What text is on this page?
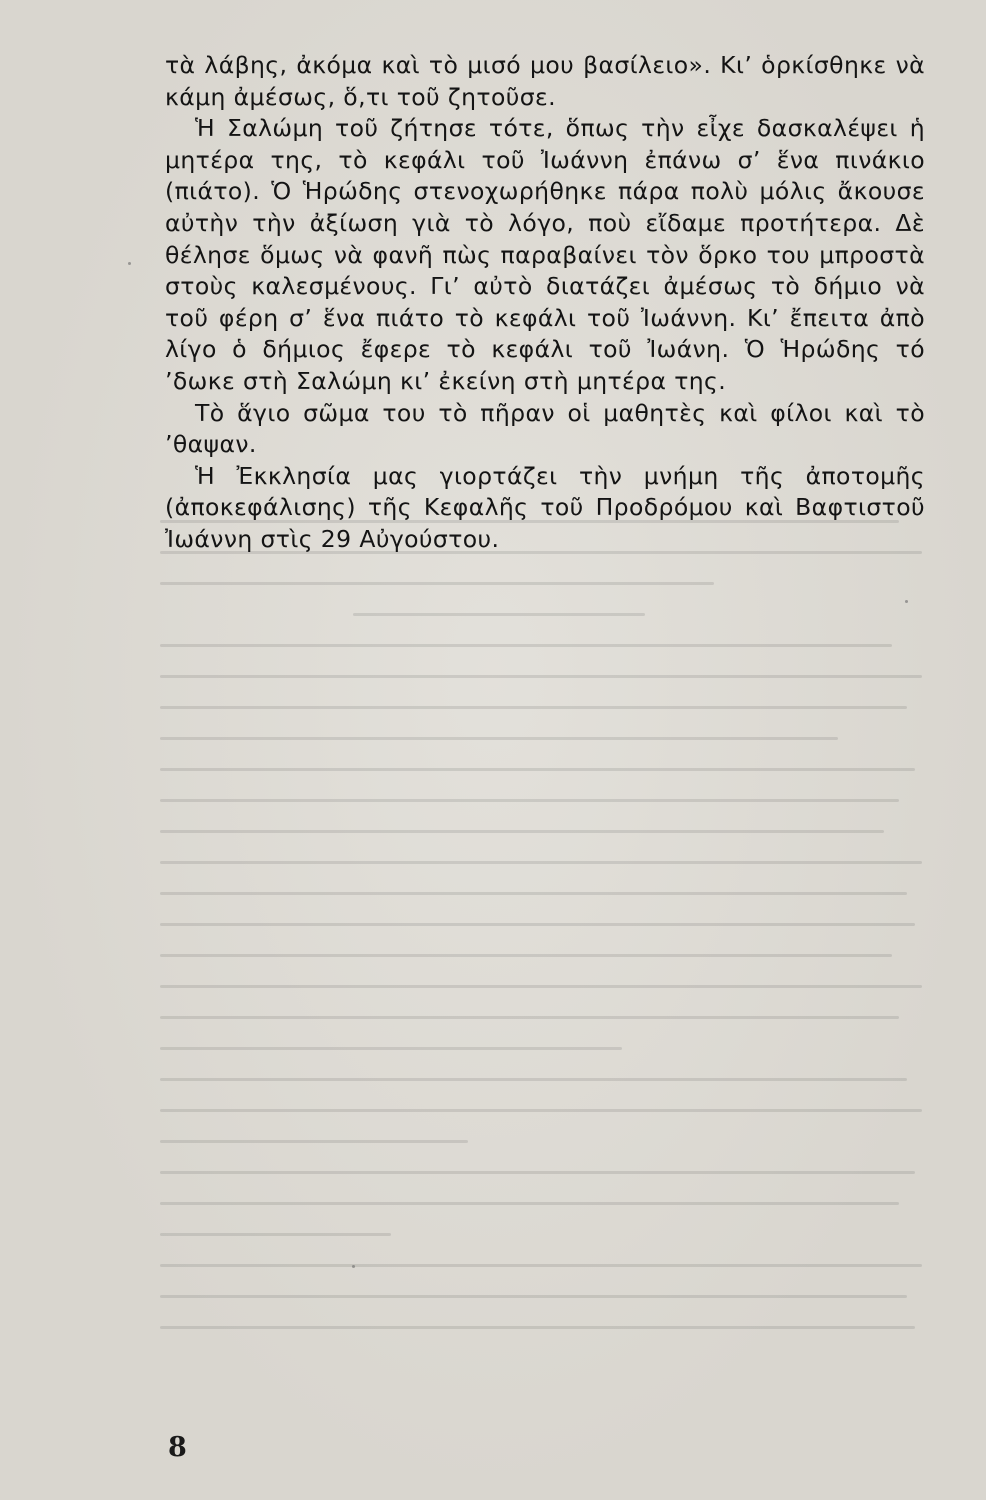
τὰ λάβης, ἀκόμα καὶ τὸ μισό μου βασίλειο». Κι’ ὁρκίσθηκε νὰ κάμη ἀμέσως, ὅ,τι τοῦ ζητοῦσε.

Ἡ Σαλώμη τοῦ ζήτησε τότε, ὅπως τὴν εἶχε δασκαλέψει ἡ μητέρα της, τὸ κεφάλι τοῦ Ἰωάννη ἐπάνω σ’ ἕνα πινάκιο (πιάτο). Ὁ Ἡρώδης στενοχωρήθηκε πάρα πολὺ μόλις ἄκουσε αὐτὴν τὴν ἀξίωση γιὰ τὸ λόγο, ποὺ εἴδαμε προτήτερα. Δὲ θέλησε ὅμως νὰ φανῆ πὼς παραβαίνει τὸν ὅρκο του μπροστὰ στοὺς καλεσμένους. Γι’ αὐτὸ διατάζει ἀμέσως τὸ δήμιο νὰ τοῦ φέρη σ’ ἕνα πιάτο τὸ κεφάλι τοῦ Ἰωάννη. Κι’ ἔπειτα ἀπὸ λίγο ὁ δήμιος ἔφερε τὸ κεφάλι τοῦ Ἰωάνη. Ὁ Ἡρώδης τό ’δωκε στὴ Σαλώμη κι’ ἐκείνη στὴ μητέρα της.

Τὸ ἅγιο σῶμα του τὸ πῆραν οἱ μαθητὲς καὶ φίλοι καὶ τὸ ’θαψαν.

Ἡ Ἐκκλησία μας γιορτάζει τὴν μνήμη τῆς ἀποτομῆς (ἀποκεφάλισης) τῆς Κεφαλῆς τοῦ Προδρόμου καὶ Βαφτιστοῦ Ἰωάννη στὶς 29 Αὐγούστου.

8
